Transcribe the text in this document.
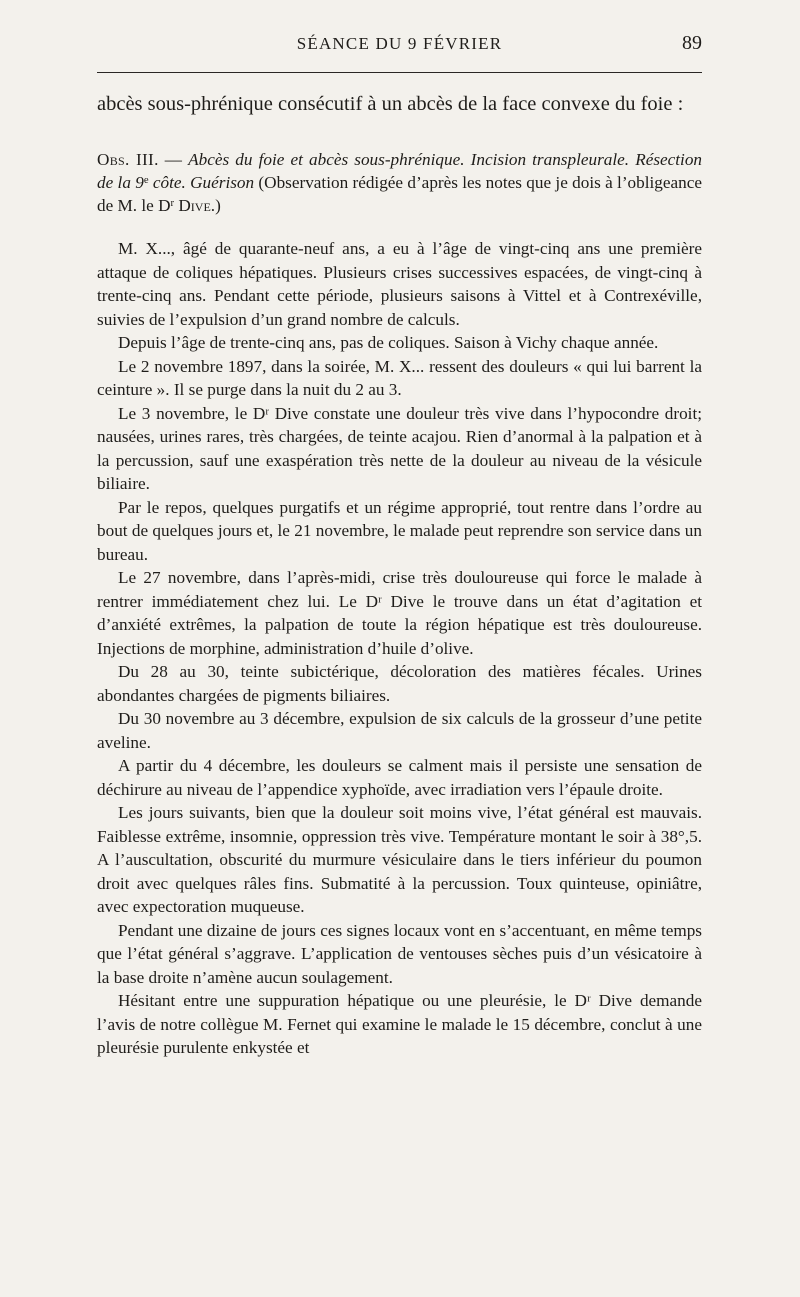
SÉANCE DU 9 FÉVRIER	89

abcès sous-phrénique consécutif à un abcès de la face convexe du foie :

Obs. III. — Abcès du foie et abcès sous-phrénique. Incision transpleurale. Résection de la 9e côte. Guérison (Observation rédigée d’après les notes que je dois à l’obligeance de M. le $D^r$ Dive.)

M. X..., âgé de quarante-neuf ans, a eu à l’âge de vingt-cinq ans une première attaque de coliques hépatiques. Plusieurs crises successives espacées, de vingt-cinq à trente-cinq ans. Pendant cette période, plusieurs saisons à Vittel et à Contrexéville, suivies de l’expulsion d’un grand nombre de calculs.

Depuis l’âge de trente-cinq ans, pas de coliques. Saison à Vichy chaque année.

Le 2 novembre 1897, dans la soirée, M. X... ressent des douleurs « qui lui barrent la ceinture ». Il se purge dans la nuit du 2 au 3.

Le 3 novembre, le Dʳ Dive constate une douleur très vive dans l’hypocondre droit; nausées, urines rares, très chargées, de teinte acajou. Rien d’anormal à la palpation et à la percussion, sauf une exaspération très nette de la douleur au niveau de la vésicule biliaire.

Par le repos, quelques purgatifs et un régime approprié, tout rentre dans l’ordre au bout de quelques jours et, le 21 novembre, le malade peut reprendre son service dans un bureau.

Le 27 novembre, dans l’après-midi, crise très douloureuse qui force le malade à rentrer immédiatement chez lui. Le Dʳ Dive le trouve dans un état d’agitation et d’anxiété extrêmes, la palpation de toute la région hépatique est très douloureuse. Injections de morphine, administration d’huile d’olive.

Du 28 au 30, teinte subictérique, décoloration des matières fécales. Urines abondantes chargées de pigments biliaires.

Du 30 novembre au 3 décembre, expulsion de six calculs de la grosseur d’une petite aveline.

A partir du 4 décembre, les douleurs se calment mais il persiste une sensation de déchirure au niveau de l’appendice xyphoïde, avec irradiation vers l’épaule droite.

Les jours suivants, bien que la douleur soit moins vive, l’état général est mauvais. Faiblesse extrême, insomnie, oppression très vive. Température montant le soir à 38°,5. A l’auscultation, obscurité du murmure vésiculaire dans le tiers inférieur du poumon droit avec quelques râles fins. Submatité à la percussion. Toux quinteuse, opiniâtre, avec expectoration muqueuse.

Pendant une dizaine de jours ces signes locaux vont en s’accentuant, en même temps que l’état général s’aggrave. L’application de ventouses sèches puis d’un vésicatoire à la base droite n’amène aucun soulagement.

Hésitant entre une suppuration hépatique ou une pleurésie, le Dʳ Dive demande l’avis de notre collègue M. Fernet qui examine le malade le 15 décembre, conclut à une pleurésie purulente enkystée et
